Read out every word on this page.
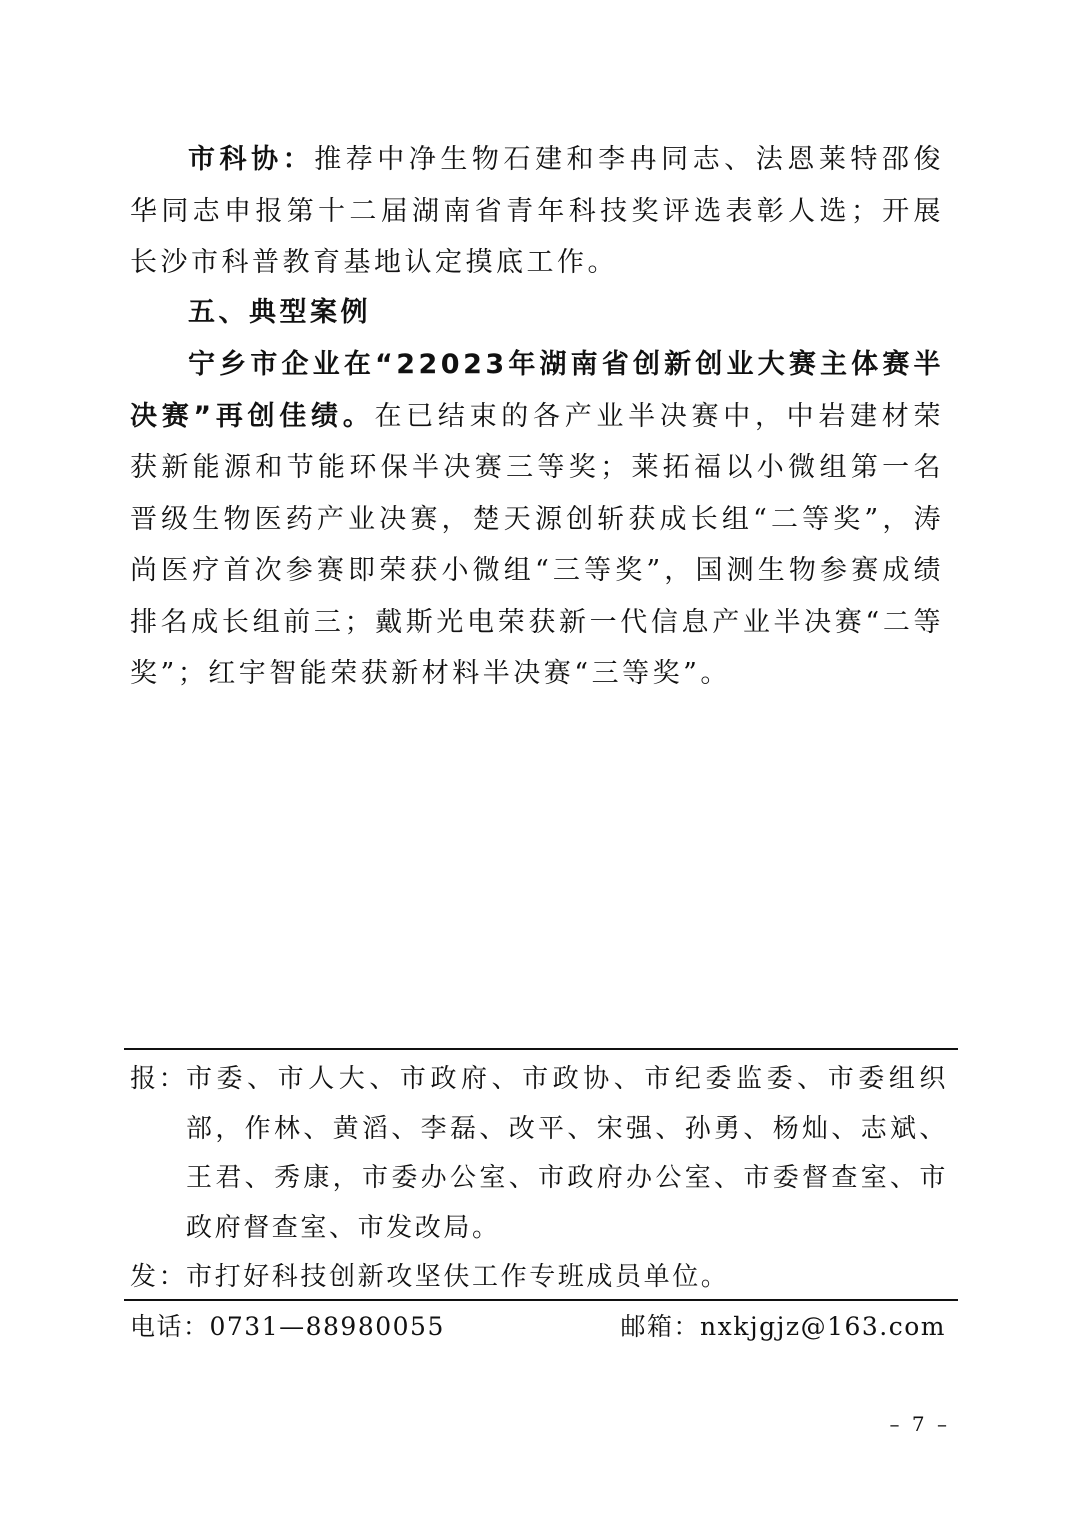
市科协：推荐中净生物石建和李冉同志、法恩莱特邵俊华同志申报第十二届湖南省青年科技奖评选表彰人选；开展长沙市科普教育基地认定摸底工作。

五、典型案例

宁乡市企业在“22023年湖南省创新创业大赛主体赛半决赛”再创佳绩。在已结束的各产业半决赛中，中岩建材荣获新能源和节能环保半决赛三等奖；莱拓福以小微组第一名晋级生物医药产业决赛，楚天源创斩获成长组“二等奖”，涛尚医疗首次参赛即荣获小微组“三等奖”，国测生物参赛成绩排名成长组前三；戴斯光电荣获新一代信息产业半决赛“二等奖”；红宇智能荣获新材料半决赛“三等奖”。

报：
市委、市人大、市政府、市政协、市纪委监委、市委组织部，作林、黄滔、李磊、改平、宋强、孙勇、杨灿、志斌、王君、秀康，市委办公室、市政府办公室、市委督查室、市政府督查室、市发改局。
发：
市打好科技创新攻坚伕工作专班成员单位。
电话：0731—88980055	邮箱：nxkjgjz@163.com
– 7 –
